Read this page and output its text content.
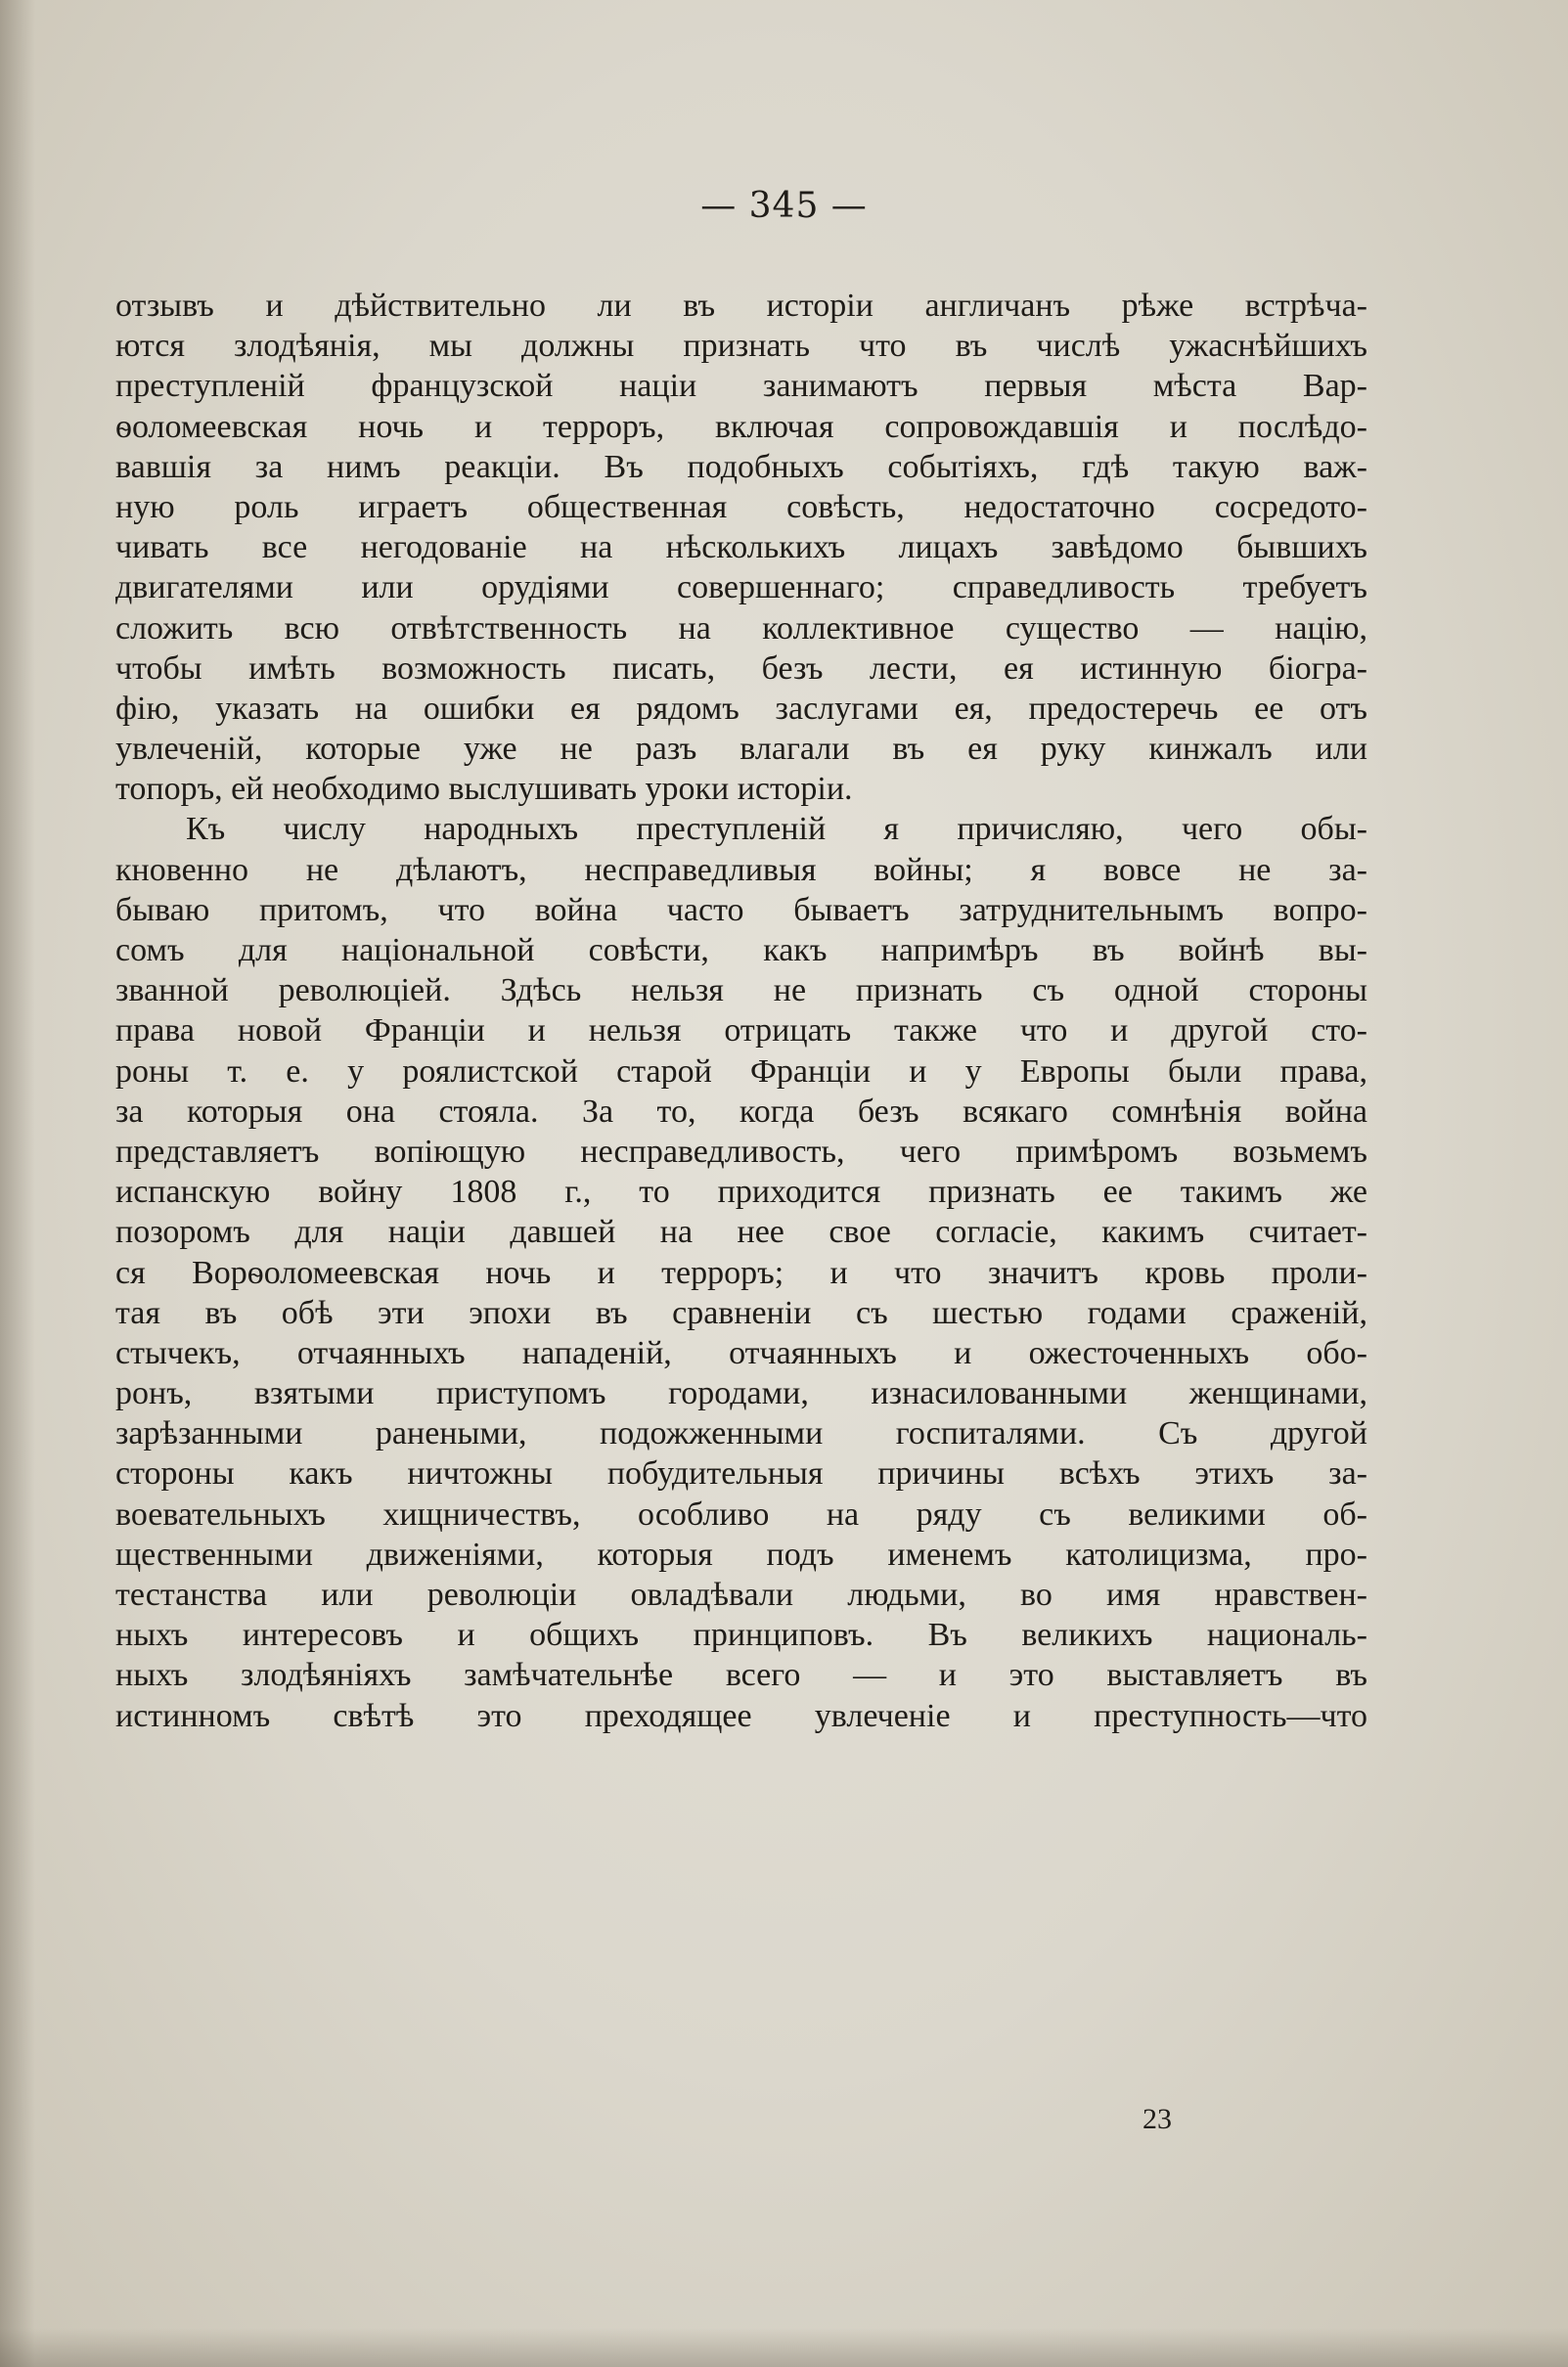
— 345 —
отзывъ и дѣйствительно ли въ исторіи англичанъ рѣже встрѣча-
ются злодѣянія, мы должны признать что въ числѣ ужаснѣйшихъ
преступленій французской націи занимаютъ первыя мѣста Вар-
ѳоломеевская ночь и терроръ, включая сопровождавшія и послѣдо-
вавшія за нимъ реакціи. Въ подобныхъ событіяхъ, гдѣ такую важ-
ную роль играетъ общественная совѣсть, недостаточно сосредото-
чивать все негодованіе на нѣсколькихъ лицахъ завѣдомо бывшихъ
двигателями или орудіями совершеннаго; справедливость требуетъ
сложить всю отвѣтственность на коллективное существо — націю,
чтобы имѣть возможность писать, безъ лести, ея истинную біогра-
фію, указать на ошибки ея рядомъ заслугами ея, предостеречь ее отъ
увлеченій, которые уже не разъ влагали въ ея руку кинжалъ или
топоръ, ей необходимо выслушивать уроки исторіи.
Къ числу народныхъ преступленій я причисляю, чего обы-
кновенно не дѣлаютъ, несправедливыя войны; я вовсе не за-
бываю притомъ, что война часто бываетъ затруднительнымъ вопро-
сомъ для національной совѣсти, какъ напримѣръ въ войнѣ вы-
званной революціей. Здѣсь нельзя не признать съ одной стороны
права новой Франціи и нельзя отрицать также что и другой сто-
роны т. е. у роялистской старой Франціи и у Европы были права,
за которыя она стояла. За то, когда безъ всякаго сомнѣнія война
представляетъ вопіющую несправедливость, чего примѣромъ возьмемъ
испанскую войну 1808 г., то приходится признать ее такимъ же
позоромъ для націи давшей на нее свое согласіе, какимъ считает-
ся Ворѳоломеевская ночь и терроръ; и что значитъ кровь проли-
тая въ обѣ эти эпохи въ сравненіи съ шестью годами сраженій,
стычекъ, отчаянныхъ нападеній, отчаянныхъ и ожесточенныхъ обо-
ронъ, взятыми приступомъ городами, изнасилованными женщинами,
зарѣзанными ранеными, подожженными госпиталями. Съ другой
стороны какъ ничтожны побудительныя причины всѣхъ этихъ за-
воевательныхъ хищничествъ, особливо на ряду съ великими об-
щественными движеніями, которыя подъ именемъ католицизма, про-
тестанства или революціи овладѣвали людьми, во имя нравствен-
ныхъ интересовъ и общихъ принциповъ. Въ великихъ националь-
ныхъ злодѣяніяхъ замѣчательнѣе всего — и это выставляетъ въ
истинномъ свѣтѣ это преходящее увлеченіе и преступность—что
23
